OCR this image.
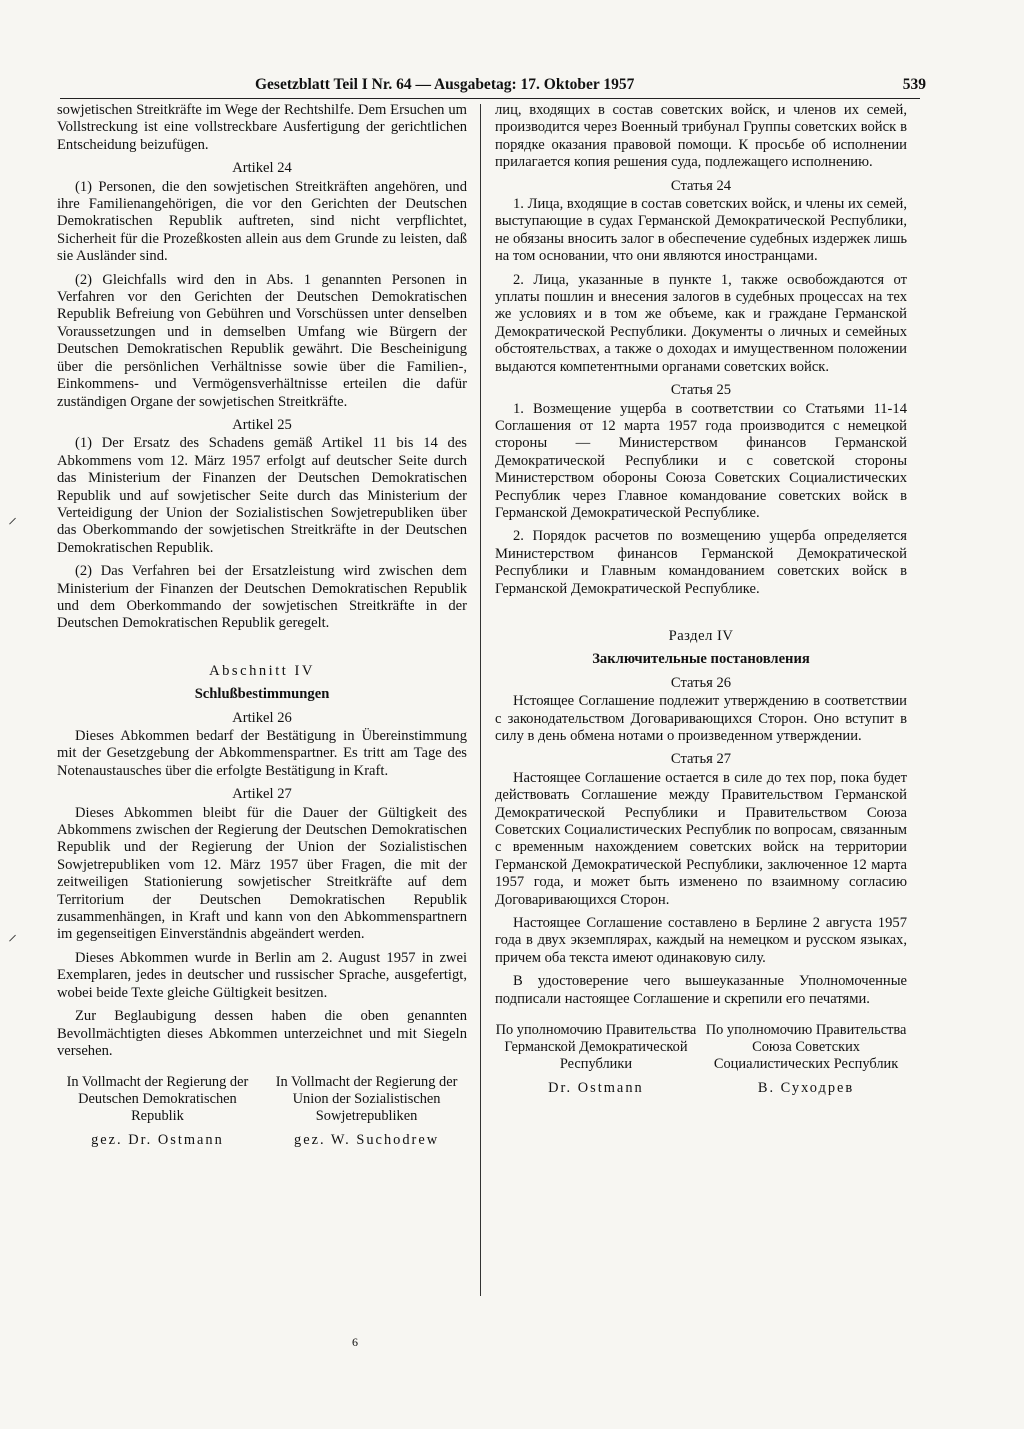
Gesetzblatt Teil I Nr. 64 — Ausgabetag: 17. Oktober 1957	539
⸝
⸝

sowjetischen Streitkräfte im Wege der Rechtshilfe. Dem Ersuchen um Vollstreckung ist eine vollstreckbare Ausfertigung der gerichtlichen Entscheidung beizufügen.

Artikel 24

(1) Personen, die den sowjetischen Streitkräften angehören, und ihre Familienangehörigen, die vor den Gerichten der Deutschen Demokratischen Republik auftreten, sind nicht verpflichtet, Sicherheit für die Prozeßkosten allein aus dem Grunde zu leisten, daß sie Ausländer sind.

(2) Gleichfalls wird den in Abs. 1 genannten Personen in Verfahren vor den Gerichten der Deutschen Demokratischen Republik Befreiung von Gebühren und Vorschüssen unter denselben Voraussetzungen und in demselben Umfang wie Bürgern der Deutschen Demokratischen Republik gewährt. Die Bescheinigung über die persönlichen Verhältnisse sowie über die Familien-, Einkommens- und Vermögensverhältnisse erteilen die dafür zuständigen Organe der sowjetischen Streitkräfte.

Artikel 25

(1) Der Ersatz des Schadens gemäß Artikel 11 bis 14 des Abkommens vom 12. März 1957 erfolgt auf deutscher Seite durch das Ministerium der Finanzen der Deutschen Demokratischen Republik und auf sowjetischer Seite durch das Ministerium der Verteidigung der Union der Sozialistischen Sowjetrepubliken über das Oberkommando der sowjetischen Streitkräfte in der Deutschen Demokratischen Republik.

(2) Das Verfahren bei der Ersatzleistung wird zwischen dem Ministerium der Finanzen der Deutschen Demokratischen Republik und dem Oberkommando der sowjetischen Streitkräfte in der Deutschen Demokratischen Republik geregelt.

Abschnitt IV
Schlußbestimmungen
Artikel 26

Dieses Abkommen bedarf der Bestätigung in Übereinstimmung mit der Gesetzgebung der Abkommenspartner. Es tritt am Tage des Notenaustausches über die erfolgte Bestätigung in Kraft.

Artikel 27

Dieses Abkommen bleibt für die Dauer der Gültigkeit des Abkommens zwischen der Regierung der Deutschen Demokratischen Republik und der Regierung der Union der Sozialistischen Sowjetrepubliken vom 12. März 1957 über Fragen, die mit der zeitweiligen Stationierung sowjetischer Streitkräfte auf dem Territorium der Deutschen Demokratischen Republik zusammenhängen, in Kraft und kann von den Abkommenspartnern im gegenseitigen Einverständnis abgeändert werden.

Dieses Abkommen wurde in Berlin am 2. August 1957 in zwei Exemplaren, jedes in deutscher und russischer Sprache, ausgefertigt, wobei beide Texte gleiche Gültigkeit besitzen.

Zur Beglaubigung dessen haben die oben genannten Bevollmächtigten dieses Abkommen unterzeichnet und mit Siegeln versehen.

In Vollmacht der Regierung der Deutschen Demokratischen Republik
gez. Dr. Ostmann
In Vollmacht der Regierung der Union der Sozialistischen Sowjetrepubliken
gez. W. Suchodrew

лиц, входящих в состав советских войск, и членов их семей, производится через Военный трибунал Группы советских войск в порядке оказания правовой помощи. К просьбе об исполнении прилагается копия решения суда, подлежащего исполнению.

Статья 24

1. Лица, входящие в состав советских войск, и члены их семей, выступающие в судах Германской Демократической Республики, не обязаны вносить залог в обеспечение судебных издержек лишь на том основании, что они являются иностранцами.

2. Лица, указанные в пункте 1, также освобождаются от уплаты пошлин и внесения залогов в судебных процессах на тех же условиях и в том же объеме, как и граждане Германской Демократической Республики. Документы о личных и семейных обстоятельствах, а также о доходах и имущественном положении выдаются компетентными органами советских войск.

Статья 25

1. Возмещение ущерба в соответствии со Статьями 11-14 Соглашения от 12 марта 1957 года производится с немецкой стороны — Министерством финансов Германской Демократической Республики и с советской стороны Министерством обороны Союза Советских Социалистических Республик через Главное командование советских войск в Германской Демократической Республике.

2. Порядок расчетов по возмещению ущерба определяется Министерством финансов Германской Демократической Республики и Главным командованием советских войск в Германской Демократической Республике.

Раздел IV
Заключительные постановления
Статья 26

Нстоящее Соглашение подлежит утверждению в соответствии с законодательством Договаривающихся Сторон. Оно вступит в силу в день обмена нотами о произведенном утверждении.

Статья 27

Настоящее Соглашение остается в силе до тех пор, пока будет действовать Соглашение между Правительством Германской Демократической Республики и Правительством Союза Советских Социалистических Республик по вопросам, связанным с временным нахождением советских войск на территории Германской Демократической Республики, заключенное 12 марта 1957 года, и может быть изменено по взаимному согласию Договаривающихся Сторон.

Настоящее Соглашение составлено в Берлине 2 августа 1957 года в двух экземплярах, каждый на немецком и русском языках, причем оба текста имеют одинаковую силу.

В удостоверение чего вышеуказанные Уполномоченные подписали настоящее Соглашение и скрепили его печатями.

По уполномочию Правительства Германской Демократической Республики
Dr. Ostmann
По уполномочию Правительства Союза Советских Социалистических Республик
В. Суходрев
6
